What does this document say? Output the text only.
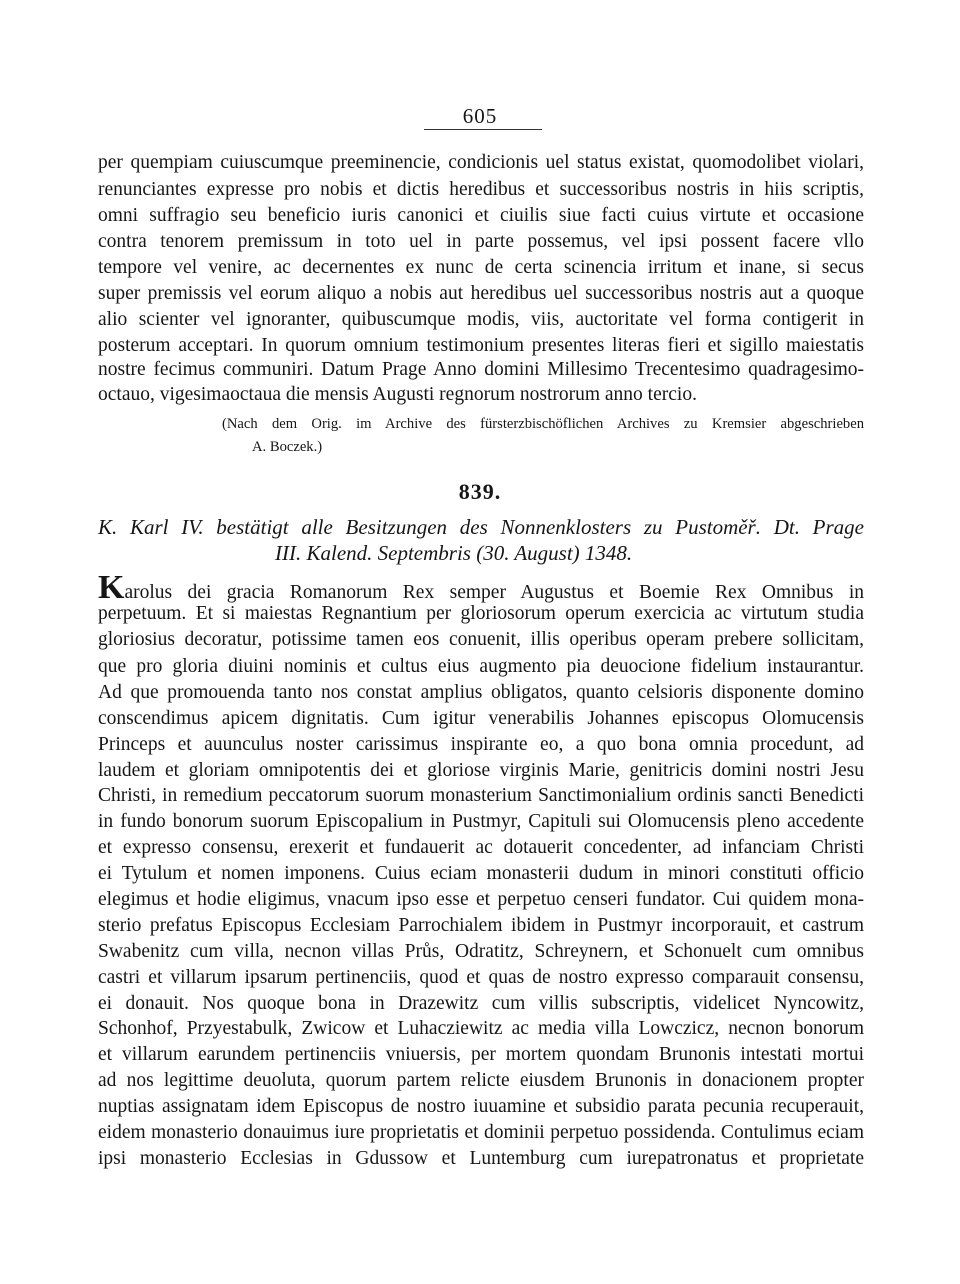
605
per quempiam cuiuscumque preeminencie, condicionis uel status existat, quomodolibet violari,
renunciantes expresse pro nobis et dictis heredibus et successoribus nostris in hiis scriptis,
omni suffragio seu beneficio iuris canonici et ciuilis siue facti cuius virtute et occasione
contra tenorem premissum in toto uel in parte possemus, vel ipsi possent facere vllo
tempore vel venire, ac decernentes ex nunc de certa scinencia irritum et inane, si secus
super premissis vel eorum aliquo a nobis aut heredibus uel successoribus nostris aut a quoque
alio scienter vel ignoranter, quibuscumque modis, viis, auctoritate vel forma contigerit in
posterum acceptari. In quorum omnium testimonium presentes literas fieri et sigillo maiestatis
nostre fecimus communiri. Datum Prage Anno domini Millesimo Trecentesimo quadragesimo-
octauo, vigesimaoctaua die mensis Augusti regnorum nostrorum anno tercio.
(Nach dem Orig. im Archive des fürsterzbischöflichen Archives zu Kremsier abgeschrieben
A. Boczek.)
839.
K. Karl IV. bestätigt alle Besitzungen des Nonnenklosters zu Pustoměř. Dt. Prage
III. Kalend. Septembris (30. August) 1348.
Karolus dei gracia Romanorum Rex semper Augustus et Boemie Rex Omnibus in
perpetuum. Et si maiestas Regnantium per gloriosorum operum exercicia ac virtutum studia
gloriosius decoratur, potissime tamen eos conuenit, illis operibus operam prebere sollicitam,
que pro gloria diuini nominis et cultus eius augmento pia deuocione fidelium instaurantur.
Ad que promouenda tanto nos constat amplius obligatos, quanto celsioris disponente domino
conscendimus apicem dignitatis. Cum igitur venerabilis Johannes episcopus Olomucensis
Princeps et auunculus noster carissimus inspirante eo, a quo bona omnia procedunt, ad
laudem et gloriam omnipotentis dei et gloriose virginis Marie, genitricis domini nostri Jesu
Christi, in remedium peccatorum suorum monasterium Sanctimonialium ordinis sancti Benedicti
in fundo bonorum suorum Episcopalium in Pustmyr, Capituli sui Olomucensis pleno accedente
et expresso consensu, erexerit et fundauerit ac dotauerit concedenter, ad infanciam Christi
ei Tytulum et nomen imponens. Cuius eciam monasterii dudum in minori constituti officio
elegimus et hodie eligimus, vnacum ipso esse et perpetuo censeri fundator. Cui quidem mona-
sterio prefatus Episcopus Ecclesiam Parrochialem ibidem in Pustmyr incorporauit, et castrum
Swabenitz cum villa, necnon villas Průs, Odratitz, Schreynern, et Schonuelt cum omnibus
castri et villarum ipsarum pertinenciis, quod et quas de nostro expresso comparauit consensu,
ei donauit. Nos quoque bona in Drazewitz cum villis subscriptis, videlicet Nyncowitz,
Schonhof, Przyestabulk, Zwicow et Luhacziewitz ac media villa Lowczicz, necnon bonorum
et villarum earundem pertinenciis vniuersis, per mortem quondam Brunonis intestati mortui
ad nos legittime deuoluta, quorum partem relicte eiusdem Brunonis in donacionem propter
nuptias assignatam idem Episcopus de nostro iuuamine et subsidio parata pecunia recuperauit,
eidem monasterio donauimus iure proprietatis et dominii perpetuo possidenda. Contulimus eciam
ipsi monasterio Ecclesias in Gdussow et Luntemburg cum iurepatronatus et proprietate
